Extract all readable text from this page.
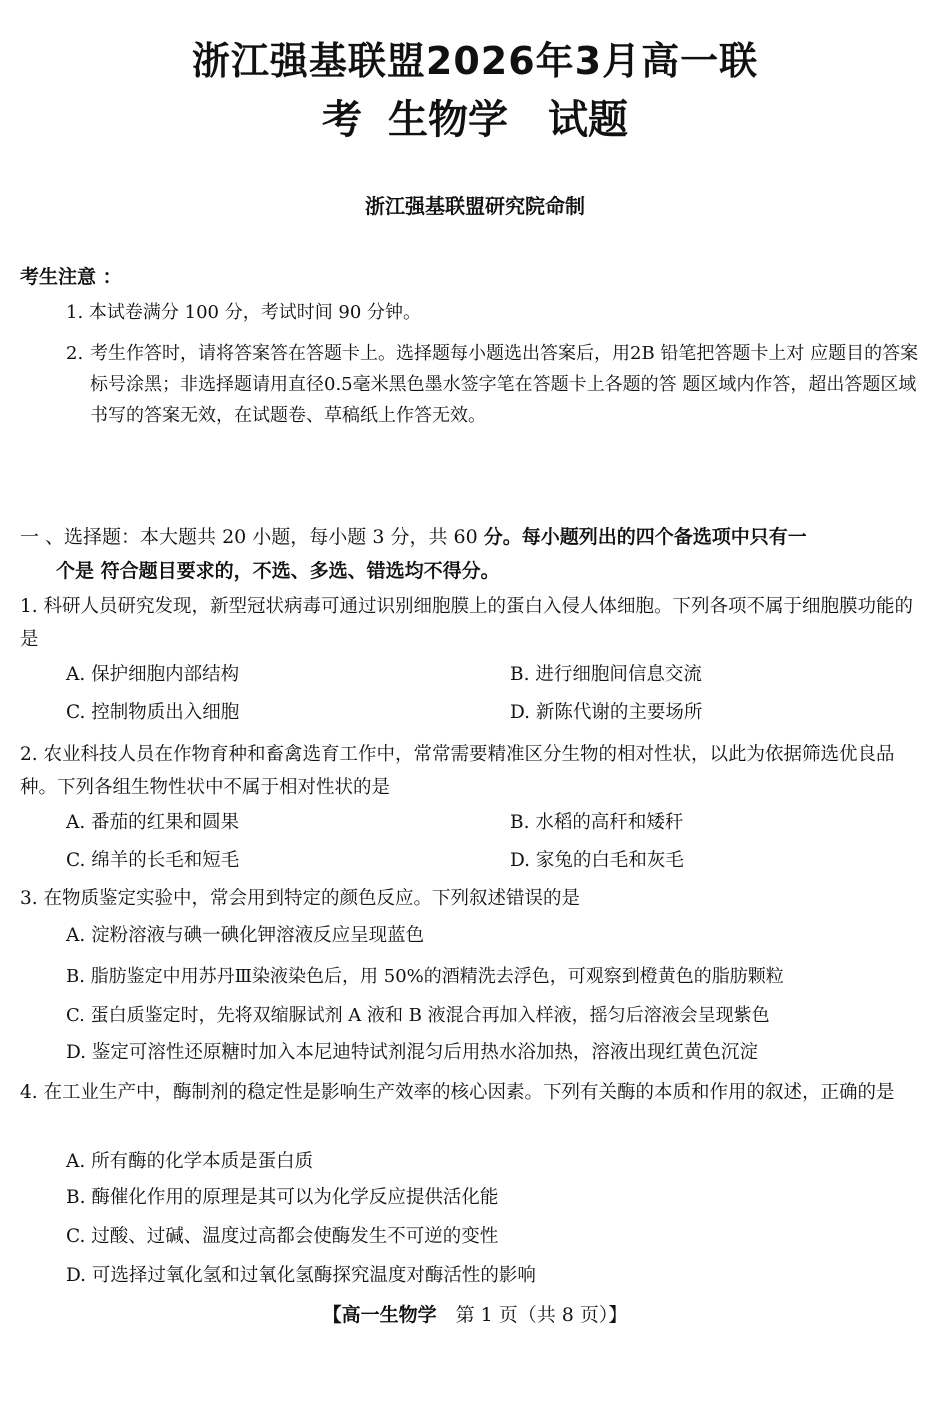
浙江强基联盟2026年3月高一联
考 生物学　试题
浙江强基联盟研究院命制
考生注意 ：
1. 本试卷满分 100 分，考试时间 90 分钟。
2. 考生作答时，请将答案答在答题卡上。选择题每小题选出答案后，用2B 铅笔把答题卡上对 应题目的答案标号涂黑；非选择题请用直径0.5毫米黑色墨水签字笔在答题卡上各题的答 题区域内作答，超出答题区域书写的答案无效，在试题卷、草稿纸上作答无效。
一 、选择题：本大题共 20 小题，每小题 3 分，共 60 分。每小题列出的四个备选项中只有一
个是 符合题目要求的，不选、多选、错选均不得分。
1. 科研人员研究发现，新型冠状病毒可通过识别细胞膜上的蛋白入侵人体细胞。下列各项不属于细胞膜功能的是
A. 保护细胞内部结构	B. 进行细胞间信息交流
C. 控制物质出入细胞	D. 新陈代谢的主要场所
2. 农业科技人员在作物育种和畜禽选育工作中，常常需要精准区分生物的相对性状，以此为依据筛选优良品种。下列各组生物性状中不属于相对性状的是
A. 番茄的红果和圆果	B. 水稻的高秆和矮秆
C. 绵羊的长毛和短毛	D. 家兔的白毛和灰毛
3. 在物质鉴定实验中，常会用到特定的颜色反应。下列叙述错误的是
A. 淀粉溶液与碘一碘化钾溶液反应呈现蓝色
B. 脂肪鉴定中用苏丹Ⅲ染液染色后，用 50%的酒精洗去浮色，可观察到橙黄色的脂肪颗粒
C. 蛋白质鉴定时，先将双缩脲试剂 A 液和 B 液混合再加入样液，摇匀后溶液会呈现紫色
D. 鉴定可溶性还原糖时加入本尼迪特试剂混匀后用热水浴加热，溶液出现红黄色沉淀
4. 在工业生产中，酶制剂的稳定性是影响生产效率的核心因素。下列有关酶的本质和作用的叙述，正确的是
A. 所有酶的化学本质是蛋白质
B. 酶催化作用的原理是其可以为化学反应提供活化能
C. 过酸、过碱、温度过高都会使酶发生不可逆的变性
D. 可选择过氧化氢和过氧化氢酶探究温度对酶活性的影响
【高一生物学　第 1 页（共 8 页）】
